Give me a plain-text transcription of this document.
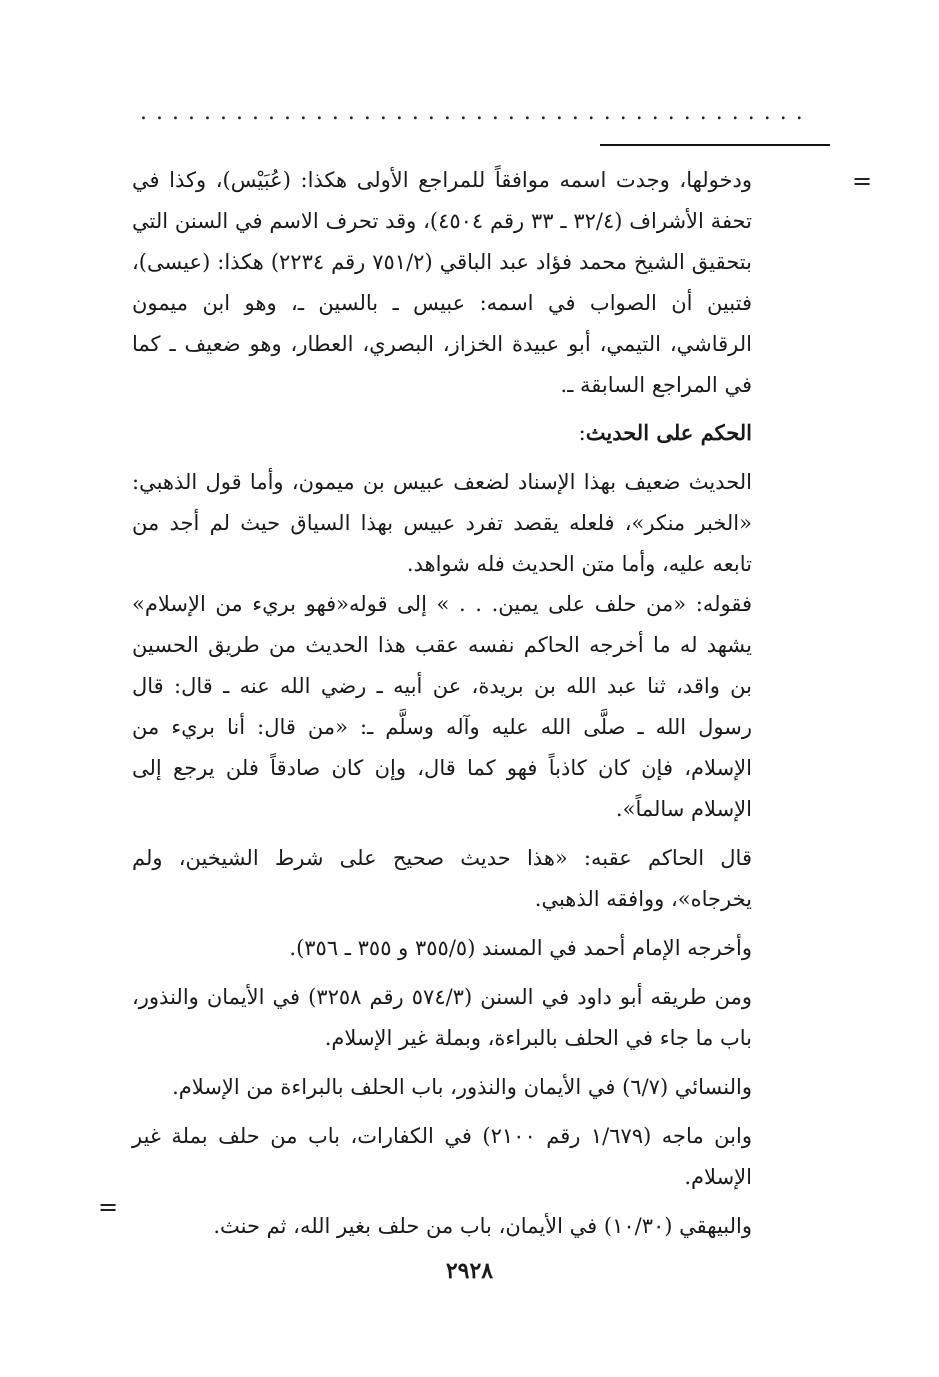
..........................................
=

ودخولها، وجدت اسمه موافقاً للمراجع الأولى هكذا: (عُبَيْس)، وكذا في تحفة الأشراف (٣٢/٤ ـ ٣٣ رقم ٤٥٠٤)، وقد تحرف الاسم في السنن التي بتحقيق الشيخ محمد فؤاد عبد الباقي (٧٥١/٢ رقم ٢٢٣٤) هكذا: (عيسى)، فتبين أن الصواب في اسمه: عبيس ـ بالسين ـ، وهو ابن ميمون الرقاشي، التيمي، أبو عبيدة الخزاز، البصري، العطار، وهو ضعيف ـ كما في المراجع السابقة ـ.

الحكم على الحديث:

الحديث ضعيف بهذا الإسناد لضعف عبيس بن ميمون، وأما قول الذهبي: «الخبر منكر»، فلعله يقصد تفرد عبيس بهذا السياق حيث لم أجد من تابعه عليه، وأما متن الحديث فله شواهد.

فقوله: «من حلف على يمين. . . » إلى قوله«فهو بريء من الإسلام» يشهد له ما أخرجه الحاكم نفسه عقب هذا الحديث من طريق الحسين بن واقد، ثنا عبد الله بن بريدة، عن أبيه ـ رضي الله عنه ـ قال: قال رسول الله ـ صلَّى الله عليه وآله وسلَّم ـ: «من قال: أنا بريء من الإسلام، فإن كان كاذباً فهو كما قال، وإن كان صادقاً فلن يرجع إلى الإسلام سالماً».

قال الحاكم عقبه: «هذا حديث صحيح على شرط الشيخين، ولم يخرجاه»، ووافقه الذهبي.

وأخرجه الإمام أحمد في المسند (٣٥٥/٥ و ٣٥٥ ـ ٣٥٦).

ومن طريقه أبو داود في السنن (٥٧٤/٣ رقم ٣٢٥٨) في الأيمان والنذور، باب ما جاء في الحلف بالبراءة، وبملة غير الإسلام.

والنسائي (٦/٧) في الأيمان والنذور، باب الحلف بالبراءة من الإسلام.

وابن ماجه (١/٦٧٩ رقم ٢١٠٠) في الكفارات، باب من حلف بملة غير الإسلام.

والبيهقي (١٠/٣٠) في الأيمان، باب من حلف بغير الله، ثم حنث.

=
٢٩٢٨
